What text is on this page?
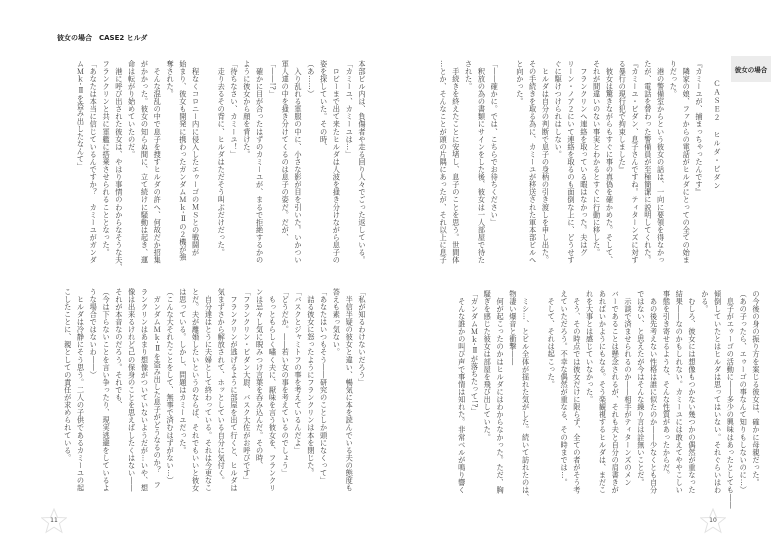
彼女の場合　CASE2 ヒルダ

本部ビル内は、負傷者や走る回り人々でごった返している。

「カミーユ、カミーユは…」

　ロビーまで出て来たヒルダは人波を掻き分けながら息子の

姿を探していた。その時、

（あ……）

　入り乱れる軍服の中に、小さな影が目を引いた。いかつい

軍人達の中を掻き分けてくるのは息子の姿だ。だが、

「――!?」

　確かに目が合ったはずのカミーユが、まるで拒絶するかの

ように彼女から顔を背けた。

「待ちなさい、カミーユ！」

　走り去るその背に、ヒルダはただそう叫ぶだけだった。

　程なくコロニー内に侵入したエゥーゴのＭＳとの戦闘が

始まり、彼女も開発に携わったガンダムＭｋ-Ⅱの２機が強

奪された。

　そんな混乱の中で息子を捜すヒルダの許へ、何故だか招集

がかかった。彼女の知らぬ間に、立て続けに騒動は起き、運

命は転がり始めていたのだ。

　港に呼び出された彼女は、やはり事情のわからなそうな夫、

フランクリンと共に軍艦に搭乗させられることとなった。

「あなたは本当に信じているんですか？　カミーユがガンダ

ムＭｋ-Ⅱを盗み出したなんて」

「私が知るわけないだろう」

　半信半疑の彼女と違い、暢気に本を読んでいる夫の態度も

答えも素っ気ない。

「あなたはいつもそう――研究のことしか頭になくって」

　詰る彼女に怒ったようにフランクリンは本を閉じた。

「バスクとジャミトフの事を考えているんだよ」

「どうだか。――若い女の事を考えているのでしょう」

　もっともらしく嘯く夫に、厭味を言う彼女を、フランクリ

ンは忌々し気に睨みつけ言葉を呑み込んだ。その時、

「フランクリン・ビダン大尉、バスク大佐がお呼びです」

　フランクリンが逃げるように部屋を出て行くと、ヒルダは

気まずさから解放されて、ホッとしている自分に気付く。

　自分達はとうに夫婦として終わっている。それは今更なこ

とだ。夫が離婚したいというのならば、それでもいいと彼女

は思っている。しかし、問題はカミーユだった。

（こんな大それたことをして、無事で済むはずがない…）

　ガンダムＭｋ-Ⅱを盗み出した息子がどうなるのか？　フ

ランクリンはあまり想像がついていないようだが…いや、想

像は出来るけれど己の保身のことを思えばしたくはない――

それが本音なのだろう。それでも、

（今は下らないことを言い争ったり、現実逃避をしているよ

うな場合ではないわ――）

　ヒルダは冷静にそう思う。二人の子供であるカミーユの起

こしたことに、親としての責任が求められている。

11
彼女の場合
ＣＡＳＥ２　ヒルダ・ビダン

『カミーユが、捕まっちゃったんです』

　隣家の娘、ファからの電話がヒルダにとっての全ての始ま

りだった。

　港の警備室からという彼女の話は、一向に要領を得なかっ

たが、電話を替わった警備員が至極簡潔に説明してくれた。

『カミーユ・ビダン、息子さんですね。ティターンズに対す

る暴行の現行犯で拘束しました』

　彼女は驚きながらもすぐに事の真偽を確かめた。そして、

それが間違いのない事実とわかるとすぐに行動に移した。

　フランクリンへ連絡を取っている暇はなかった。夫はグ

リーン・ノア２にいて連絡を取るのも面倒な上に、どうせす

ぐに駆けつけられはしない。

　ヒルダは自分の判断で息子の身柄の引き渡しを申し出た。

その手続きを取る為に、カミーユが移送された軍本部ビルへ

と向かった。

「――確かに。では、こちらでお待ちください」

　釈放の為の書類にサインをした後、彼女は一人部屋で待た

された。

　手続きを終えたことに安堵し、息子のことを思う。世間体

…とか、そんなことが頭の片隅にあったが、それ以上に息子

の今後の身の振り方を案じる彼女は、確かに母親だった。

（あの子ったら、エゥーゴの事なんて知りもしないのに…）

　息子がエゥーゴの活動に――多少の興味はあったとしても――

傾倒していたとはヒルダは思ってはいない。それぐらいはわ

かる。

　むしろ、彼女には想像もつかない幾つかの偶然が重なった

結果――なのかもしれない。カミーユには敢えてややこしい

事態を引き寄せるような、そんな性質があったからだ。

　あの後先考えない性格は誰に似たのか――少なくとも自分

ではない、と思えたが今はそんな繰り言は詮無いことだ。

　示談で済ませられるのか――相手がティターンズのメン

バーであることは懸念されるが、それも夫と自分の肩書きが

あればいかようにもなる。そう楽観視するヒルダは、まだこ

れを大事とは感じていなかった。

　そう、その時点では彼女だけに限らず、全ての者がそう考

えていただろう。不幸な偶然が重なる、その時までは…。

　そして、それは起こった。

　ミシ…、とビル全体が揺れた気がした。続いて訪れたのは、

物凄い爆音と衝撃――

　何が起こったのかはヒルダにはわからなかった。ただ、胸

騒ぎを感じた彼女は部屋を飛び出していた。

「ガンダムＭｋ-Ⅱが落ちたって!?」

　そんな誰かの叫び声で事情は知れた。非常ベルが鳴り響く

10
